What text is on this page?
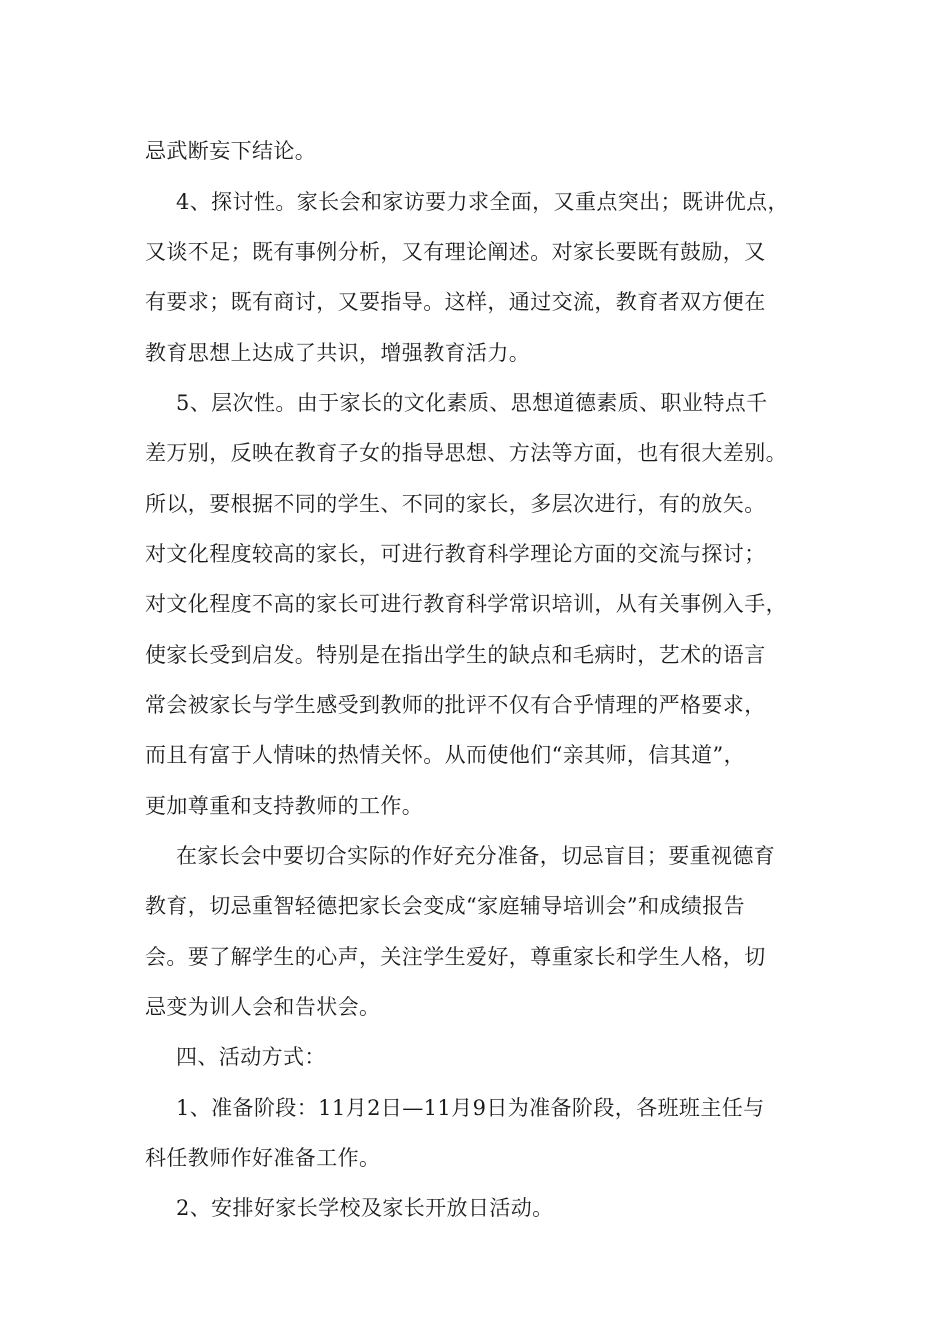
忌武断妄下结论。
4、探讨性。家长会和家访要力求全面，又重点突出；既讲优点，
又谈不足；既有事例分析，又有理论阐述。对家长要既有鼓励，又
有要求；既有商讨，又要指导。这样，通过交流，教育者双方便在
教育思想上达成了共识，增强教育活力。
5、层次性。由于家长的文化素质、思想道德素质、职业特点千
差万别，反映在教育子女的指导思想、方法等方面，也有很大差别。
所以，要根据不同的学生、不同的家长，多层次进行，有的放矢。
对文化程度较高的家长，可进行教育科学理论方面的交流与探讨；
对文化程度不高的家长可进行教育科学常识培训，从有关事例入手，
使家长受到启发。特别是在指出学生的缺点和毛病时，艺术的语言
常会被家长与学生感受到教师的批评不仅有合乎情理的严格要求，
而且有富于人情味的热情关怀。从而使他们“亲其师，信其道”，
更加尊重和支持教师的工作。
在家长会中要切合实际的作好充分准备，切忌盲目；要重视德育
教育，切忌重智轻德把家长会变成“家庭辅导培训会”和成绩报告
会。要了解学生的心声，关注学生爱好，尊重家长和学生人格，切
忌变为训人会和告状会。
四、活动方式：
1、准备阶段：11月2日—11月9日为准备阶段，各班班主任与
科任教师作好准备工作。
2、安排好家长学校及家长开放日活动。
